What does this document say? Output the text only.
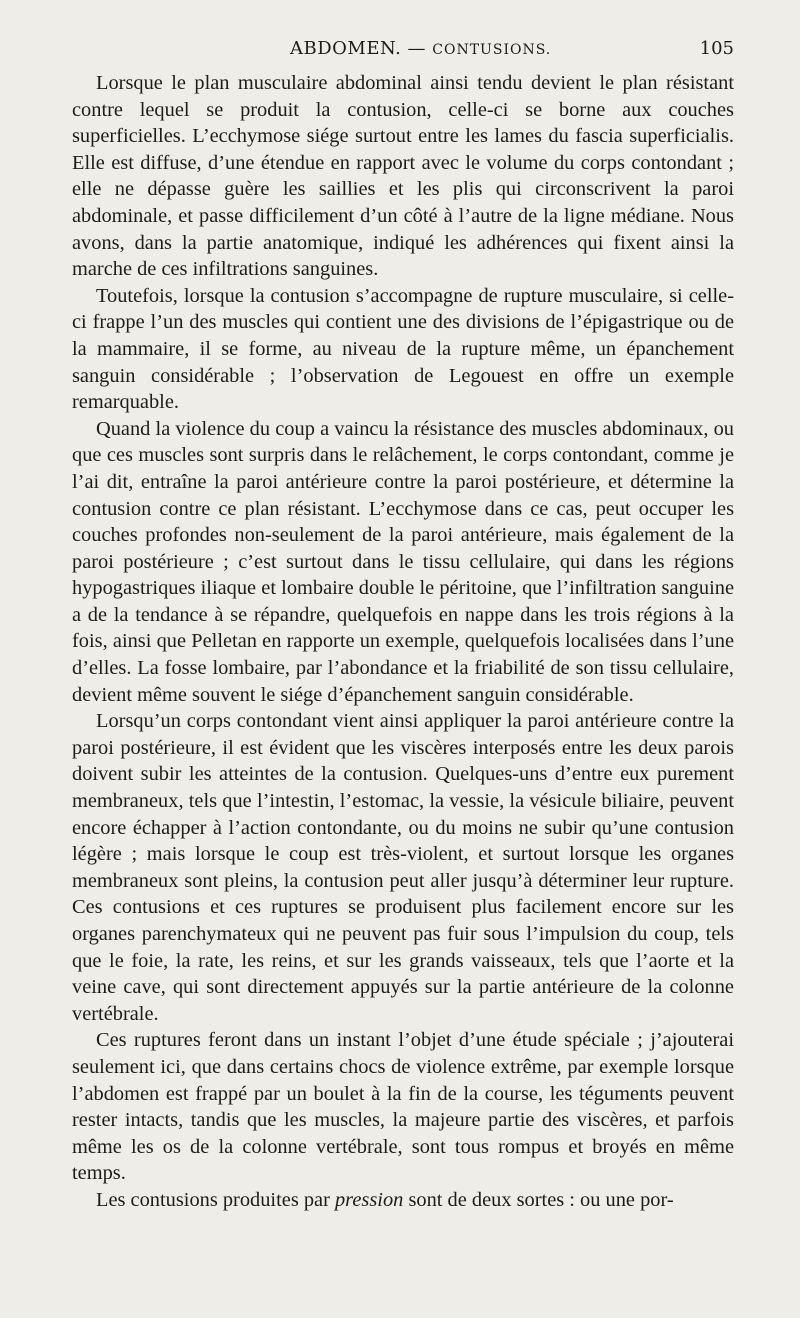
ABDOMEN. — CONTUSIONS.	105

Lorsque le plan musculaire abdominal ainsi tendu devient le plan résistant contre lequel se produit la contusion, celle-ci se borne aux couches superficielles. L’ecchymose siége surtout entre les lames du fascia superficialis. Elle est diffuse, d’une étendue en rapport avec le volume du corps contondant ; elle ne dépasse guère les saillies et les plis qui circonscrivent la paroi abdominale, et passe difficilement d’un côté à l’autre de la ligne médiane. Nous avons, dans la partie anatomique, indiqué les adhérences qui fixent ainsi la marche de ces infiltrations sanguines.

Toutefois, lorsque la contusion s’accompagne de rupture musculaire, si celle-ci frappe l’un des muscles qui contient une des divisions de l’épigastrique ou de la mammaire, il se forme, au niveau de la rupture même, un épanchement sanguin considérable ; l’observation de Legouest en offre un exemple remarquable.

Quand la violence du coup a vaincu la résistance des muscles abdominaux, ou que ces muscles sont surpris dans le relâchement, le corps contondant, comme je l’ai dit, entraîne la paroi antérieure contre la paroi postérieure, et détermine la contusion contre ce plan résistant. L’ecchymose dans ce cas, peut occuper les couches profondes non-seulement de la paroi antérieure, mais également de la paroi postérieure ; c’est surtout dans le tissu cellulaire, qui dans les régions hypogastriques iliaque et lombaire double le péritoine, que l’infiltration sanguine a de la tendance à se répandre, quelquefois en nappe dans les trois régions à la fois, ainsi que Pelletan en rapporte un exemple, quelquefois localisées dans l’une d’elles. La fosse lombaire, par l’abondance et la friabilité de son tissu cellulaire, devient même souvent le siége d’épanchement sanguin considérable.

Lorsqu’un corps contondant vient ainsi appliquer la paroi antérieure contre la paroi postérieure, il est évident que les viscères interposés entre les deux parois doivent subir les atteintes de la contusion. Quelques-uns d’entre eux purement membraneux, tels que l’intestin, l’estomac, la vessie, la vésicule biliaire, peuvent encore échapper à l’action contondante, ou du moins ne subir qu’une contusion légère ; mais lorsque le coup est très-violent, et surtout lorsque les organes membraneux sont pleins, la contusion peut aller jusqu’à déterminer leur rupture. Ces contusions et ces ruptures se produisent plus facilement encore sur les organes parenchymateux qui ne peuvent pas fuir sous l’impulsion du coup, tels que le foie, la rate, les reins, et sur les grands vaisseaux, tels que l’aorte et la veine cave, qui sont directement appuyés sur la partie antérieure de la colonne vertébrale.

Ces ruptures feront dans un instant l’objet d’une étude spéciale ; j’ajouterai seulement ici, que dans certains chocs de violence extrême, par exemple lorsque l’abdomen est frappé par un boulet à la fin de la course, les téguments peuvent rester intacts, tandis que les muscles, la majeure partie des viscères, et parfois même les os de la colonne vertébrale, sont tous rompus et broyés en même temps.

Les contusions produites par pression sont de deux sortes : ou une por-
